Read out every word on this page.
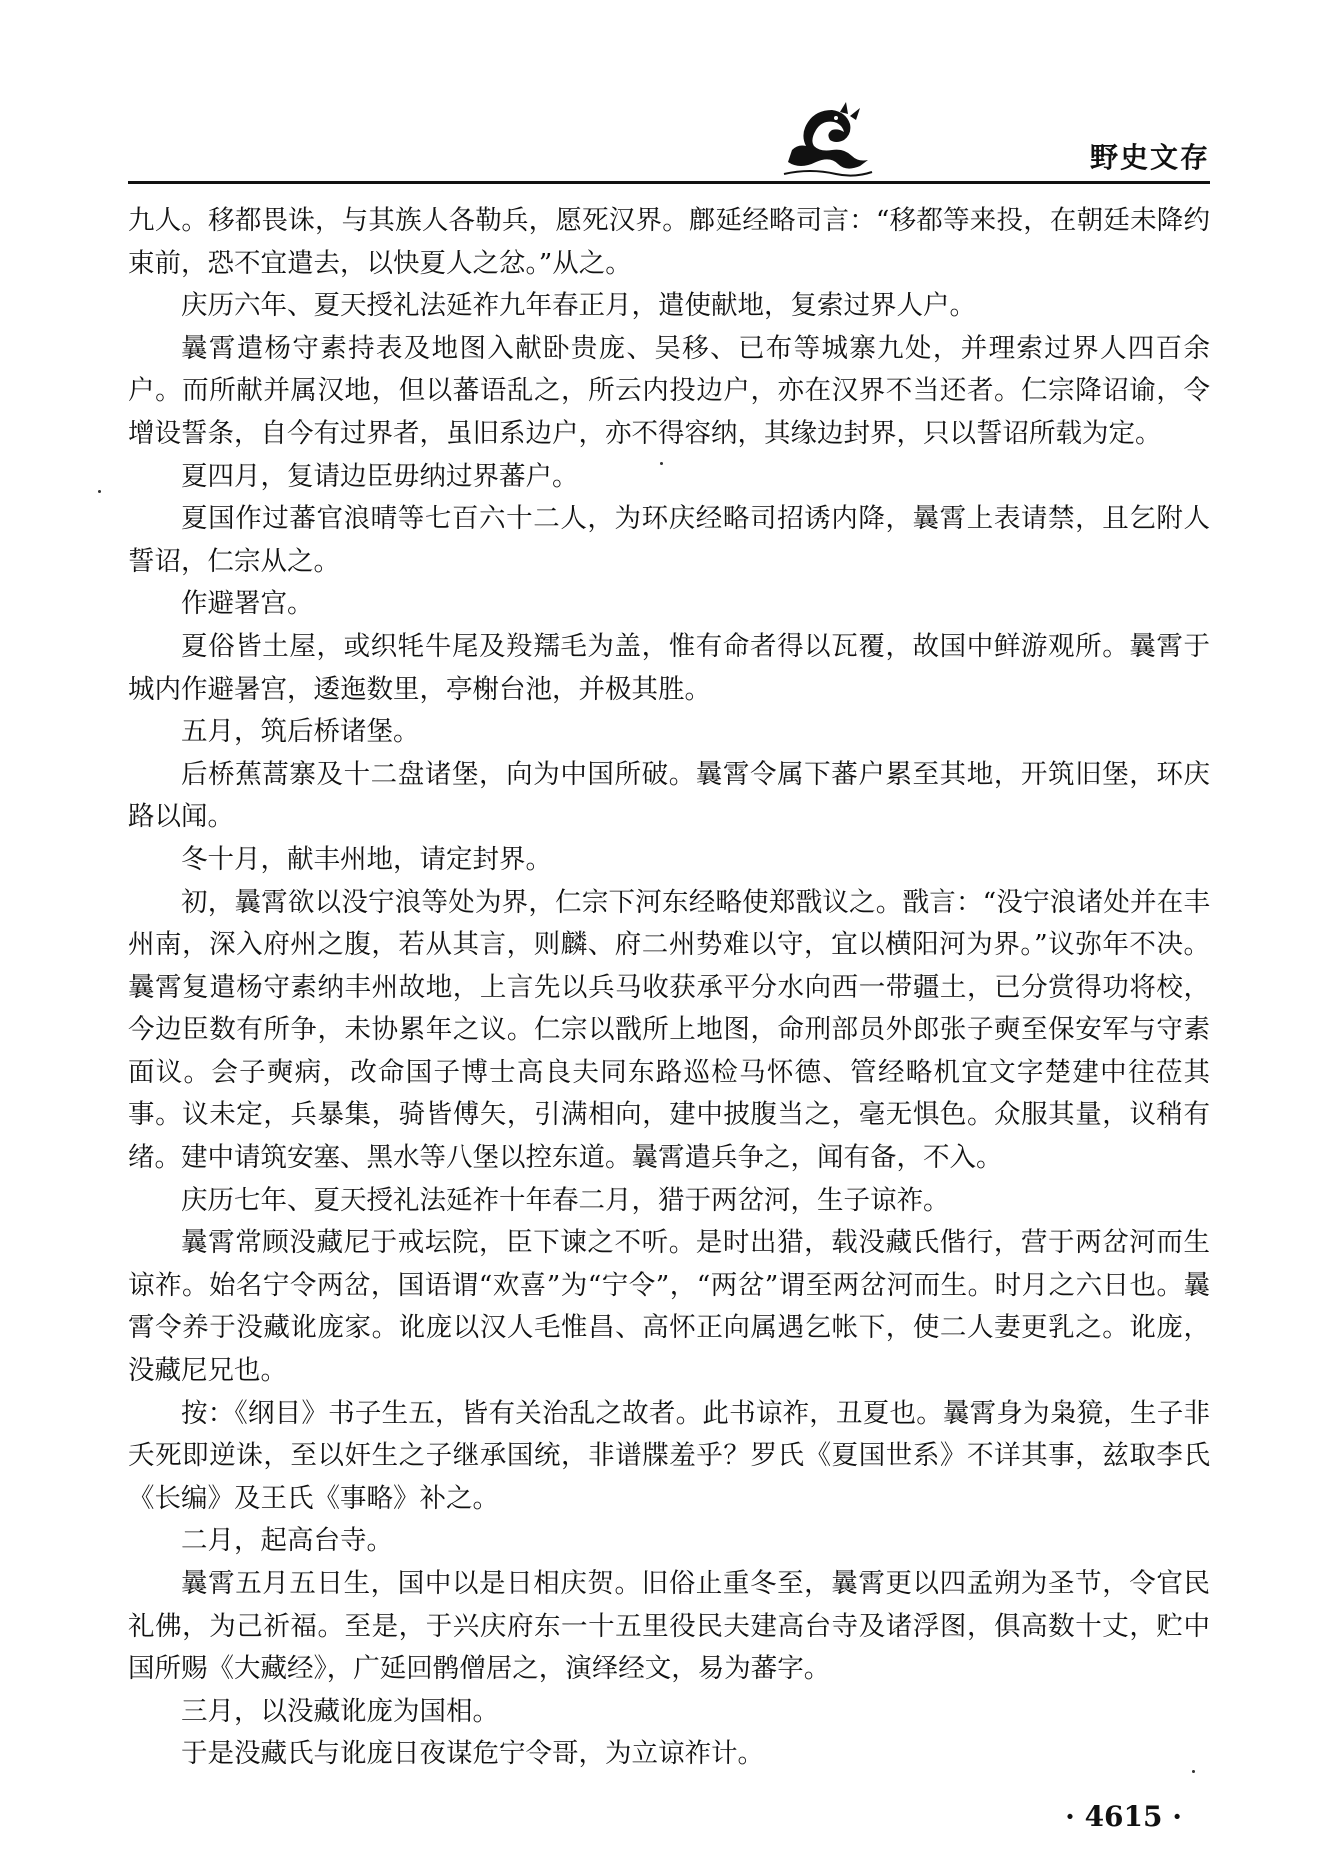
野史文存

九人。移都畏诛，与其族人各勒兵，愿死汉界。鄜延经略司言：“移都等来投，在朝廷未降约束前，恐不宜遣去，以快夏人之忿。”从之。

庆历六年、夏天授礼法延祚九年春正月，遣使献地，复索过界人户。

曩霄遣杨守素持表及地图入献卧贵庞、吴移、已布等城寨九处，并理索过界人四百余户。而所献并属汉地，但以蕃语乱之，所云内投边户，亦在汉界不当还者。仁宗降诏谕，令增设誓条，自今有过界者，虽旧系边户，亦不得容纳，其缘边封界，只以誓诏所载为定。

夏四月，复请边臣毋纳过界蕃户。

夏国作过蕃官浪晴等七百六十二人，为环庆经略司招诱内降，曩霄上表请禁，且乞附人誓诏，仁宗从之。

作避署宫。

夏俗皆土屋，或织牦牛尾及羖羺毛为盖，惟有命者得以瓦覆，故国中鲜游观所。曩霄于城内作避暑宫，逶迤数里，亭榭台池，并极其胜。

五月，筑后桥诸堡。

后桥蕉蒿寨及十二盘诸堡，向为中国所破。曩霄令属下蕃户累至其地，开筑旧堡，环庆路以闻。

冬十月，献丰州地，请定封界。

初，曩霄欲以没宁浪等处为界，仁宗下河东经略使郑戬议之。戬言：“没宁浪诸处并在丰州南，深入府州之腹，若从其言，则麟、府二州势难以守，宜以横阳河为界。”议弥年不决。曩霄复遣杨守素纳丰州故地，上言先以兵马收获承平分水向西一带疆土，已分赏得功将校，今边臣数有所争，未协累年之议。仁宗以戬所上地图，命刑部员外郎张子奭至保安军与守素面议。会子奭病，改命国子博士高良夫同东路巡检马怀德、管经略机宜文字楚建中往莅其事。议未定，兵暴集，骑皆傅矢，引满相向，建中披腹当之，毫无惧色。众服其量，议稍有绪。建中请筑安塞、黑水等八堡以控东道。曩霄遣兵争之，闻有备，不入。

庆历七年、夏天授礼法延祚十年春二月，猎于两岔河，生子谅祚。

曩霄常顾没藏尼于戒坛院，臣下谏之不听。是时出猎，载没藏氏偕行，营于两岔河而生谅祚。始名宁令两岔，国语谓“欢喜”为“宁令”，“两岔”谓至两岔河而生。时月之六日也。曩霄令养于没藏讹庞家。讹庞以汉人毛惟昌、高怀正向属遇乞帐下，使二人妻更乳之。讹庞，没藏尼兄也。

按：《纲目》书子生五，皆有关治乱之故者。此书谅祚，丑夏也。曩霄身为枭獍，生子非夭死即逆诛，至以奸生之子继承国统，非谱牒羞乎？罗氏《夏国世系》不详其事，兹取李氏《长编》及王氏《事略》补之。

二月，起高台寺。

曩霄五月五日生，国中以是日相庆贺。旧俗止重冬至，曩霄更以四孟朔为圣节，令官民礼佛，为己祈福。至是，于兴庆府东一十五里役民夫建高台寺及诸浮图，俱高数十丈，贮中国所赐《大藏经》，广延回鹘僧居之，演绎经文，易为蕃字。

三月，以没藏讹庞为国相。

于是没藏氏与讹庞日夜谋危宁令哥，为立谅祚计。

· 4615 ·
